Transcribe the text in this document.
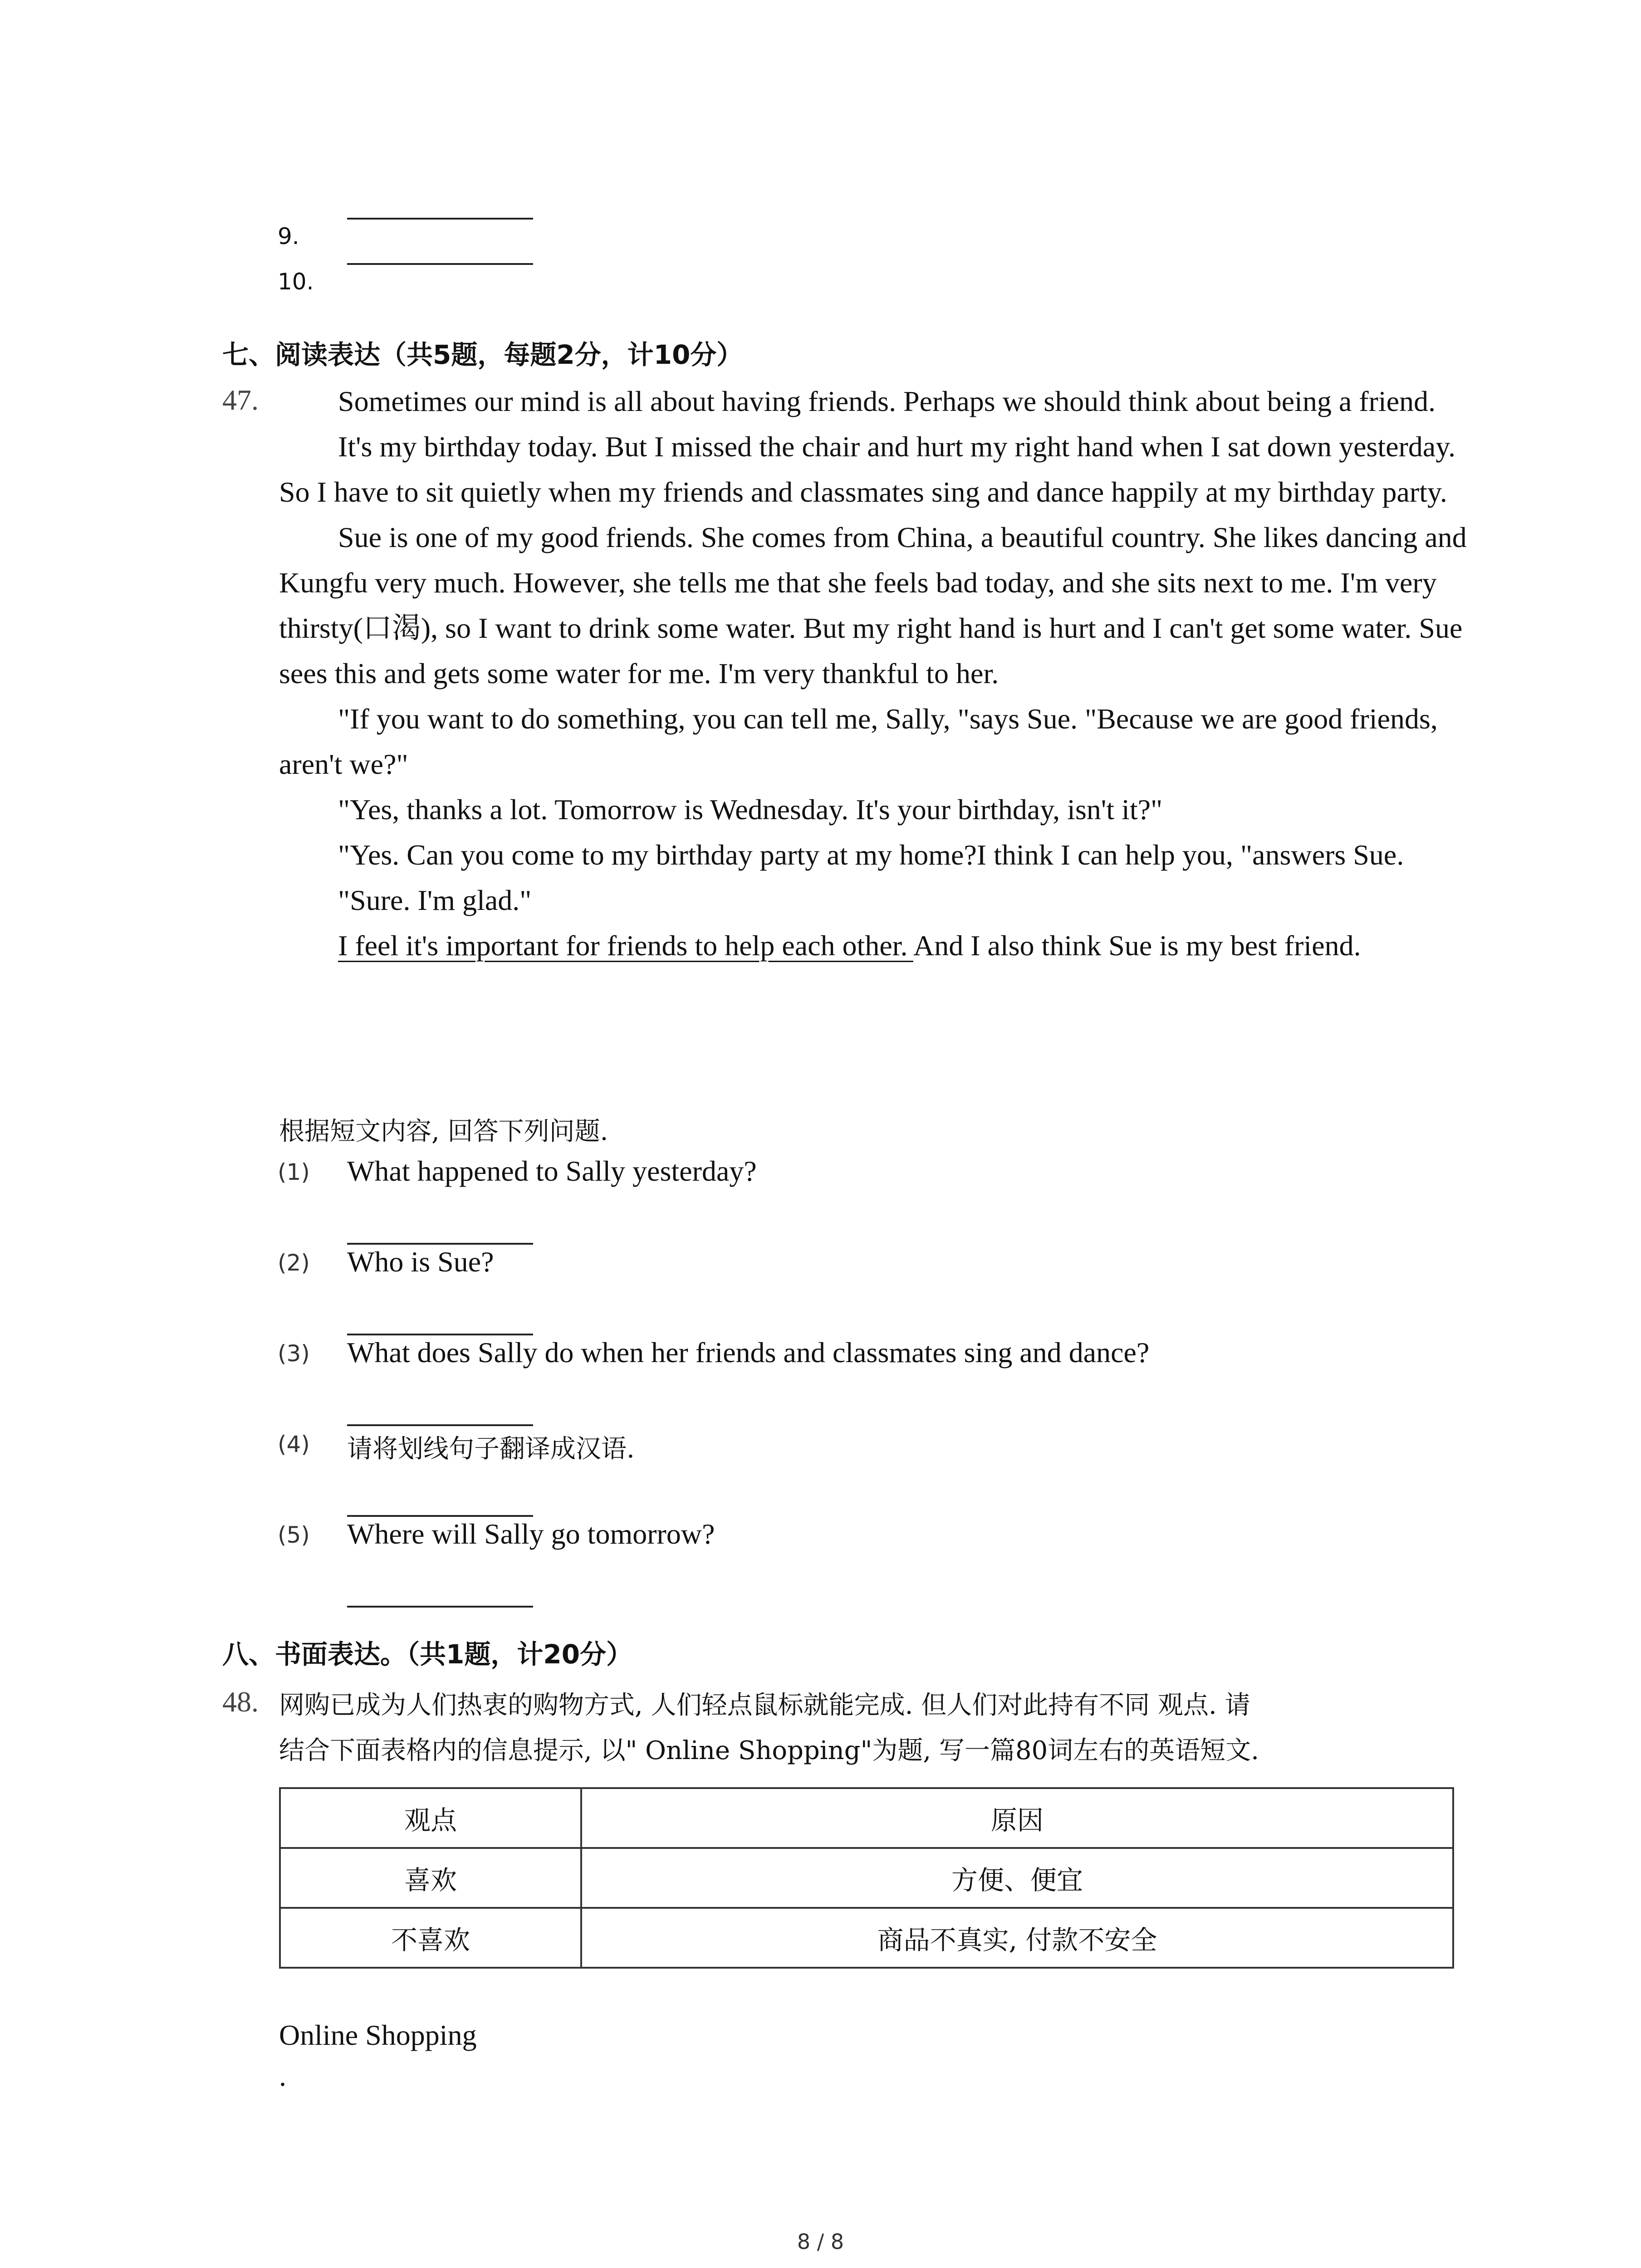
9.
10.
七、阅读表达（共5题，每题2分，计10分）
47.	Sometimes our mind is all about having friends. Perhaps we should think about being a friend.

It's my birthday today. But I missed the chair and hurt my right hand when I sat down yesterday. So I have to sit quietly when my friends and classmates sing and dance happily at my birthday party.

Sue is one of my good friends. She comes from China, a beautiful country. She likes dancing and Kungfu very much. However, she tells me that she feels bad today, and she sits next to me. I'm very thirsty(口渴), so I want to drink some water. But my right hand is hurt and I can't get some water. Sue sees this and gets some water for me. I'm very thankful to her.

"If you want to do something, you can tell me, Sally, "says Sue. "Because we are good friends, aren't we?"

"Yes, thanks a lot. Tomorrow is Wednesday. It's your birthday, isn't it?"

"Yes. Can you come to my birthday party at my home?I think I can help you, "answers Sue.

"Sure. I'm glad."

I feel it's important for friends to help each other. And I also think Sue is my best friend.

根据短文内容, 回答下列问题.
(1) What happened to Sally yesterday?
(2) Who is Sue?
(3) What does Sally do when her friends and classmates sing and dance?
(4) 请将划线句子翻译成汉语.
(5) Where will Sally go tomorrow?
八、书面表达。（共1题，计20分）
48. 网购已成为人们热衷的购物方式, 人们轻点鼠标就能完成. 但人们对此持有不同 观点. 请
结合下面表格内的信息提示, 以" Online Shopping"为题, 写一篇80词左右的英语短文.
观点	原因
喜欢	方便、便宜
不喜欢	商品不真实, 付款不安全
Online Shopping
.
8 / 8
